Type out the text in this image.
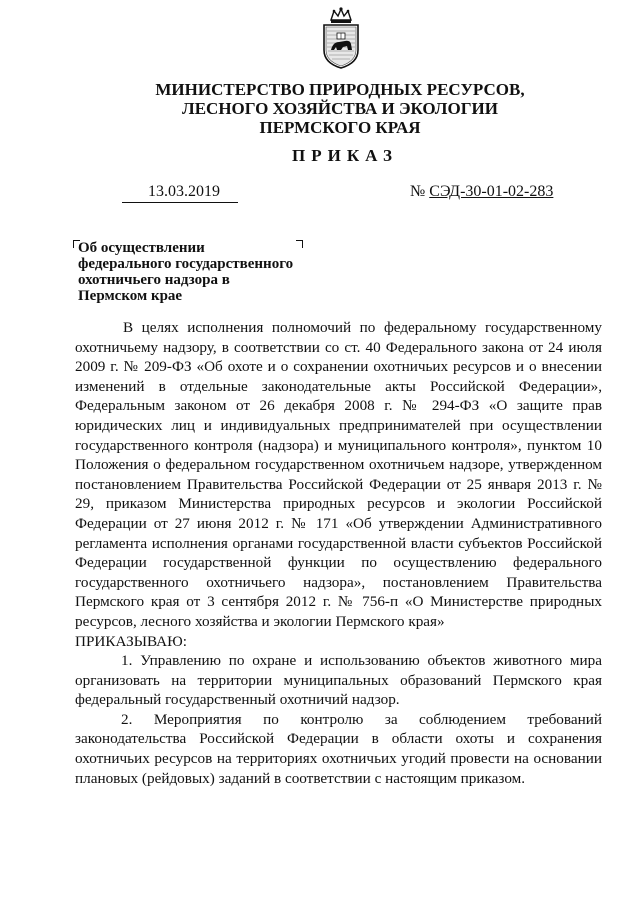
МИНИСТЕРСТВО ПРИРОДНЫХ РЕСУРСОВ,
ЛЕСНОГО ХОЗЯЙСТВА И ЭКОЛОГИИ
ПЕРМСКОГО КРАЯ
ПРИКАЗ
13.03.2019	№ СЭД-30-01-02-283
Об осуществлении
федерального государственного
охотничьего надзора в
Пермском крае

В целях исполнения полномочий по федеральному государственному охотничьему надзору, в соответствии со ст. 40 Федерального закона от 24 июля 2009 г. № 209-ФЗ «Об охоте и о сохранении охотничьих ресурсов и о внесении изменений в отдельные законодательные акты Российской Федерации», Федеральным законом от 26 декабря 2008 г. № 294-ФЗ «О защите прав юридических лиц и индивидуальных предпринимателей при осуществлении государственного контроля (надзора) и муниципального контроля», пунктом 10 Положения о федеральном государственном охотничьем надзоре, утвержденном постановлением Правительства Российской Федерации от 25 января 2013 г. № 29, приказом Министерства природных ресурсов и экологии Российской Федерации от 27 июня 2012 г. № 171 «Об утверждении Административного регламента исполнения органами государственной власти субъектов Российской Федерации государственной функции по осуществлению федерального государственного охотничьего надзора», постановлением Правительства Пермского края от 3 сентября 2012 г. № 756-п «О Министерстве природных ресурсов, лесного хозяйства и экологии Пермского края»

ПРИКАЗЫВАЮ:

1. Управлению по охране и использованию объектов животного мира организовать на территории муниципальных образований Пермского края федеральный государственный охотничий надзор.

2. Мероприятия по контролю за соблюдением требований законодательства Российской Федерации в области охоты и сохранения охотничьих ресурсов на территориях охотничьих угодий провести на основании плановых (рейдовых) заданий в соответствии с настоящим приказом.
